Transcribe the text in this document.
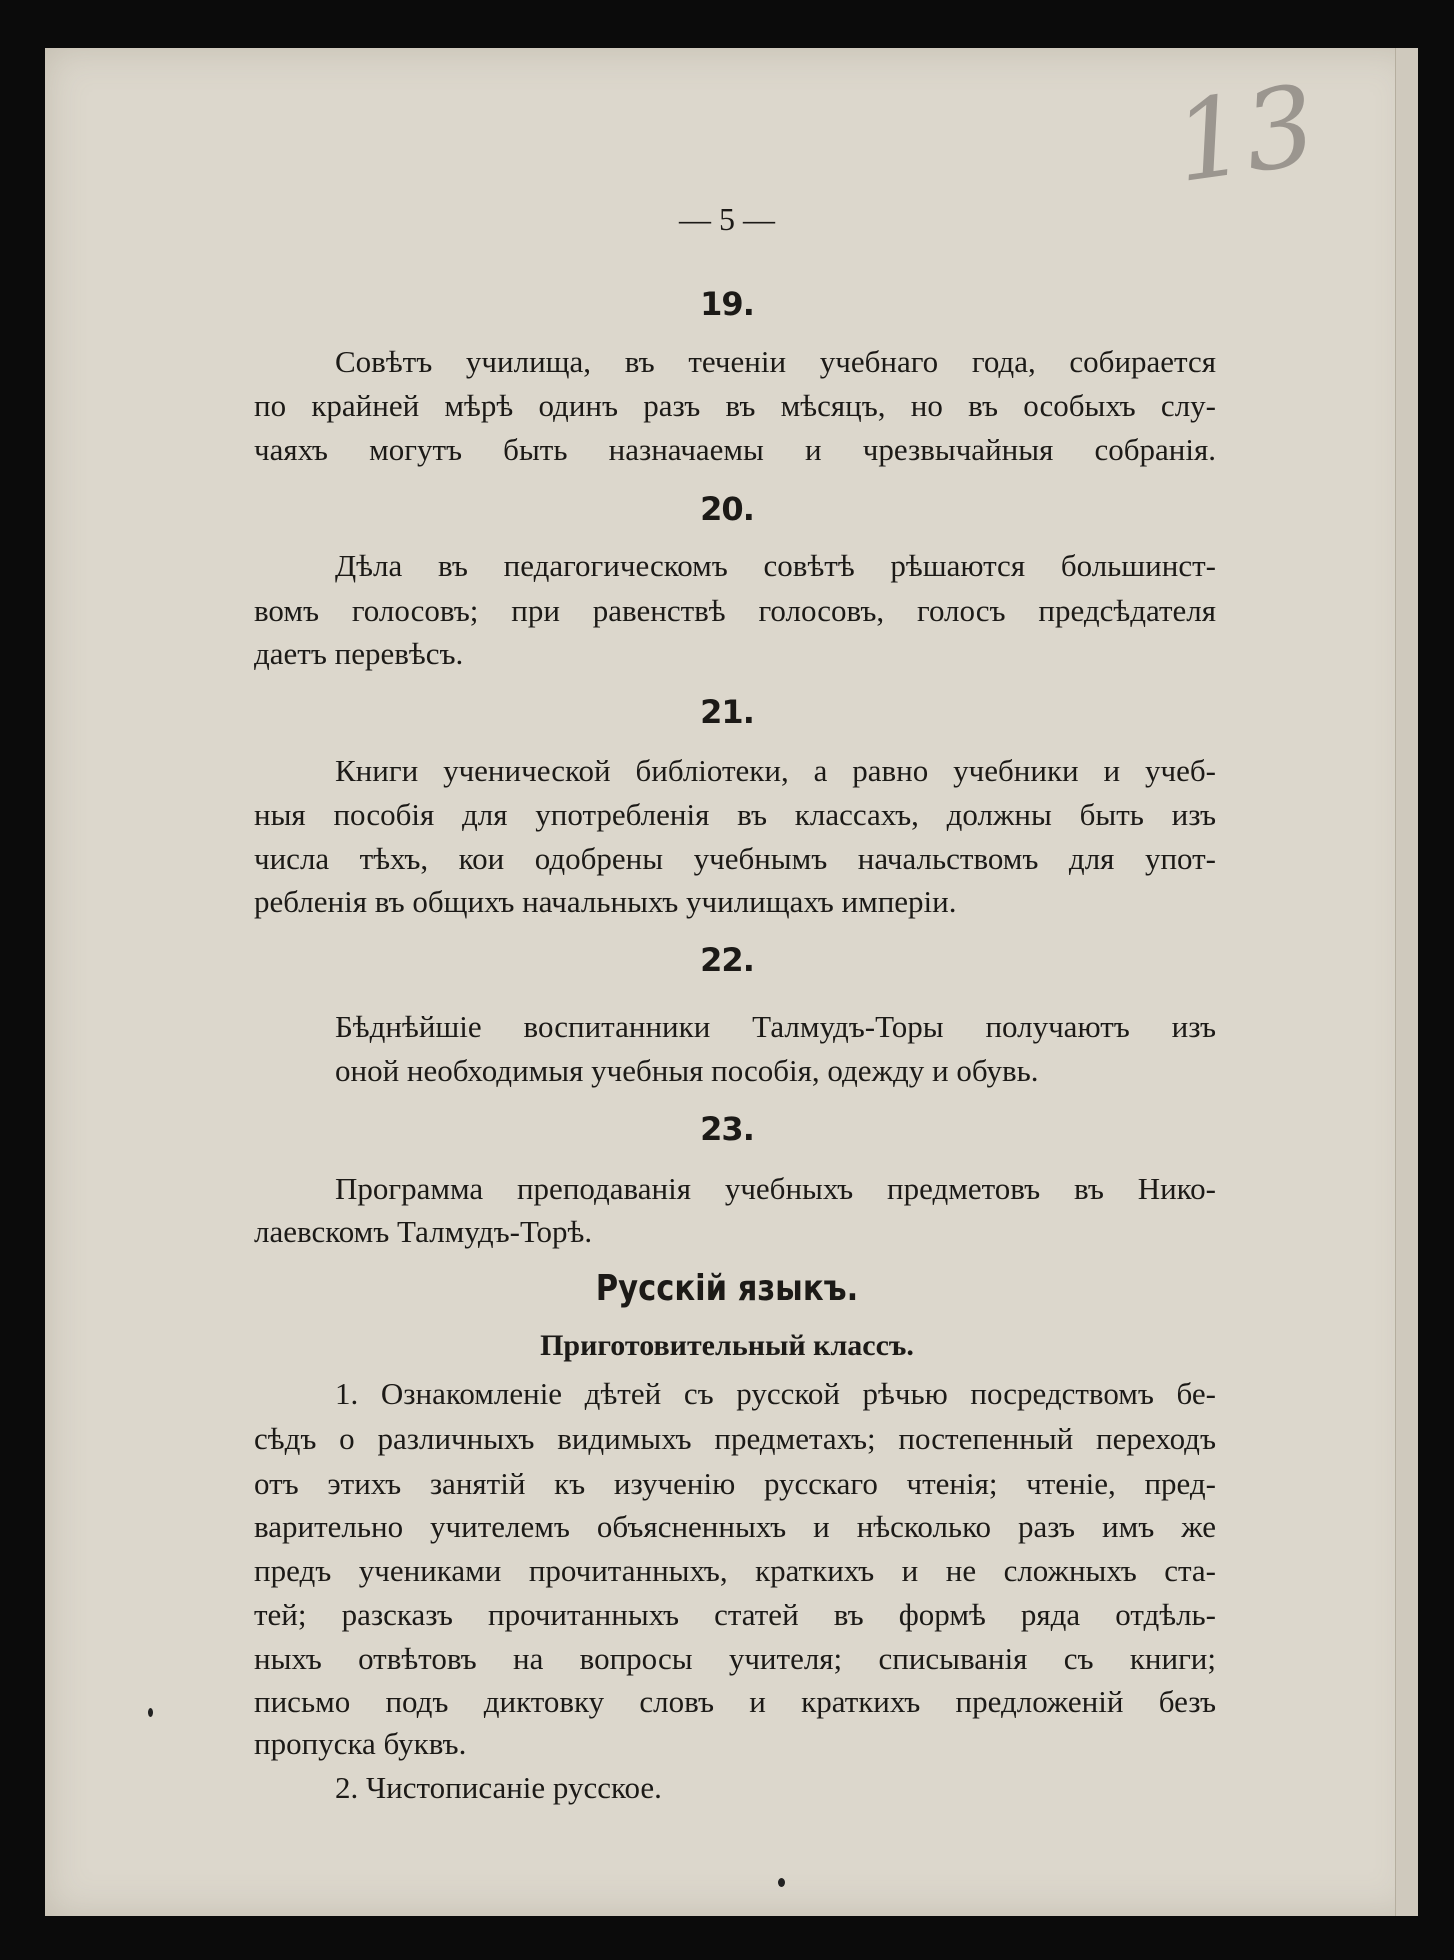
13
— 5 —
19.
Совѣтъ училища, въ теченiи учебнаго года, собирается
по крайней мѣрѣ одинъ разъ въ мѣсяцъ, но въ особыхъ слу-
чаяхъ могутъ быть назначаемы и чрезвычайныя собранiя.
20.
Дѣла въ педагогическомъ совѣтѣ рѣшаются большинст-
вомъ голосовъ; при равенствѣ голосовъ, голосъ предсѣдателя
даетъ перевѣсъ.
21.
Книги ученической библiотеки, а равно учебники и учеб-
ныя пособiя для употребленiя въ классахъ, должны быть изъ
числа тѣхъ, кои одобрены учебнымъ начальствомъ для упот-
ребленiя въ общихъ начальныхъ училищахъ имперiи.
22.
Бѣднѣйшiе воспитанники Талмудъ-Торы получаютъ изъ
оной необходимыя учебныя пособiя, одежду и обувь.
23.
Программа преподаванiя учебныхъ предметовъ въ Нико-
лаевскомъ Талмудъ-Торѣ.
Русскiй языкъ.
Приготовительный классъ.
1. Ознакомленiе дѣтей съ русской рѣчью посредствомъ бе-
сѣдъ о различныхъ видимыхъ предметахъ; постепенный переходъ
отъ этихъ занятiй къ изученiю русскаго чтенiя; чтенiе, пред-
варительно учителемъ объясненныхъ и нѣсколько разъ имъ же
предъ учениками прочитанныхъ, краткихъ и не сложныхъ ста-
тей; разсказъ прочитанныхъ статей въ формѣ ряда отдѣль-
ныхъ отвѣтовъ на вопросы учителя; списыванiя съ книги;
письмо подъ диктовку словъ и краткихъ предложенiй безъ
пропуска буквъ.
2. Чистописанiе русское.
